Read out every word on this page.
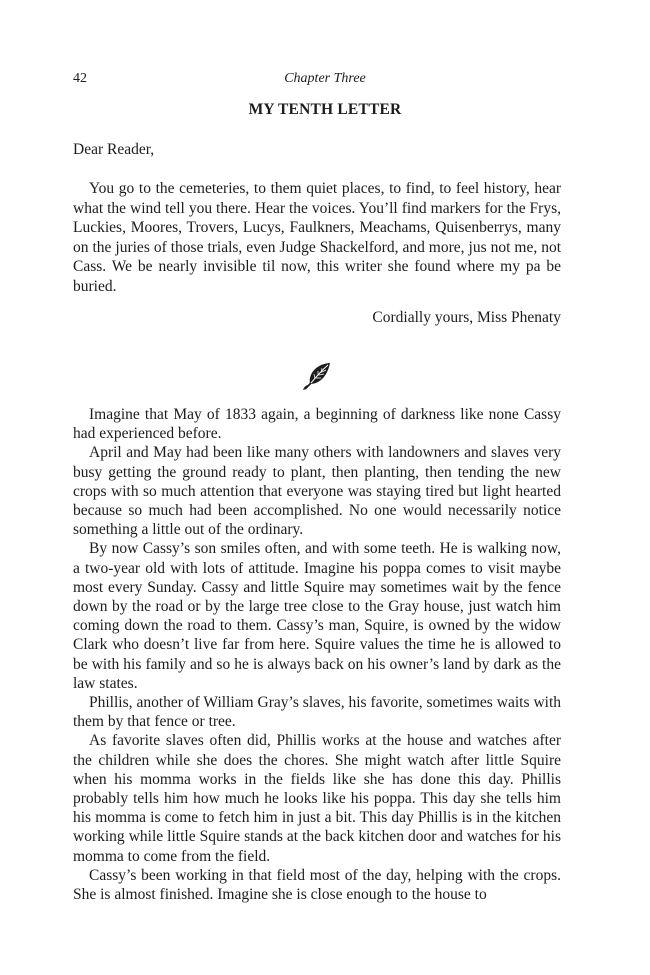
42	Chapter Three
MY TENTH LETTER
Dear Reader,

You go to the cemeteries, to them quiet places, to find, to feel history, hear what the wind tell you there. Hear the voices. You’ll find markers for the Frys, Luckies, Moores, Trovers, Lucys, Faulkners, Meachams, Quisenberrys, many on the juries of those trials, even Judge Shackelford, and more, jus not me, not Cass. We be nearly invisible til now, this writer she found where my pa be buried.

Cordially yours, Miss Phenaty

Imagine that May of 1833 again, a beginning of darkness like none Cassy had experienced before.

April and May had been like many others with landowners and slaves very busy getting the ground ready to plant, then planting, then tending the new crops with so much attention that everyone was staying tired but light hearted because so much had been accomplished. No one would necessarily notice something a little out of the ordinary.

By now Cassy’s son smiles often, and with some teeth. He is walking now, a two-year old with lots of attitude. Imagine his poppa comes to visit maybe most every Sunday. Cassy and little Squire may sometimes wait by the fence down by the road or by the large tree close to the Gray house, just watch him coming down the road to them. Cassy’s man, Squire, is owned by the widow Clark who doesn’t live far from here. Squire values the time he is allowed to be with his family and so he is always back on his owner’s land by dark as the law states.

Phillis, another of William Gray’s slaves, his favorite, sometimes waits with them by that fence or tree.

As favorite slaves often did, Phillis works at the house and watches after the children while she does the chores. She might watch after little Squire when his momma works in the fields like she has done this day. Phillis probably tells him how much he looks like his poppa. This day she tells him his momma is come to fetch him in just a bit. This day Phillis is in the kitchen working while little Squire stands at the back kitchen door and watches for his momma to come from the field.

Cassy’s been working in that field most of the day, helping with the crops. She is almost finished. Imagine she is close enough to the house to
